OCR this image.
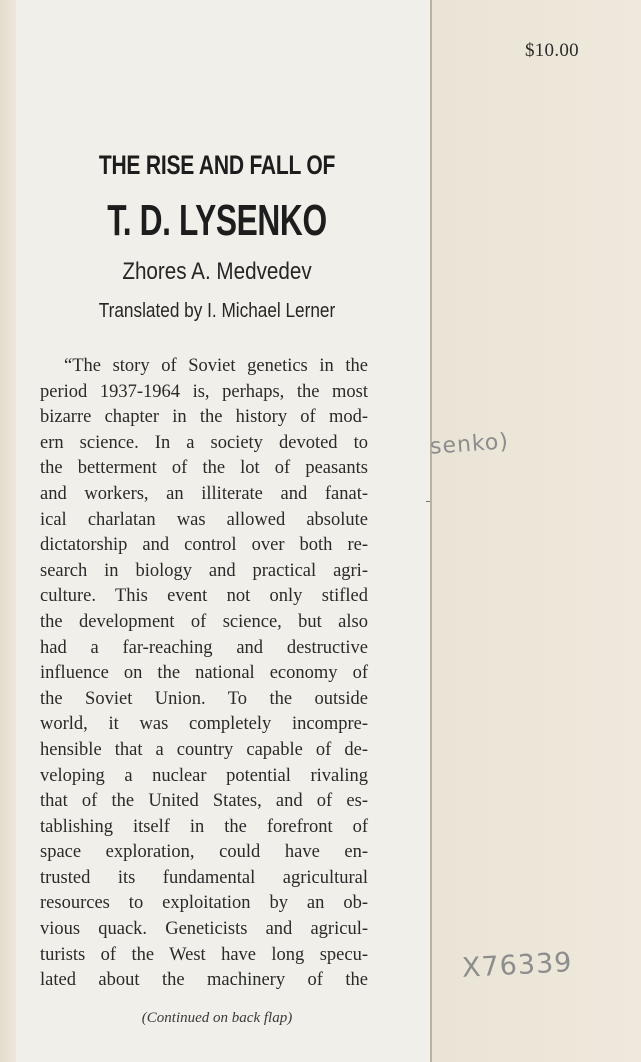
$10.00
THE RISE AND FALL OF
T. D. LYSENKO
Zhores A. Medvedev
Translated by I. Michael Lerner
“The story of Soviet genetics in the
period 1937-1964 is, perhaps, the most
bizarre chapter in the history of mod-
ern science. In a society devoted to
the betterment of the lot of peasants
and workers, an illiterate and fanat-
ical charlatan was allowed absolute
dictatorship and control over both re-
search in biology and practical agri-
culture. This event not only stifled
the development of science, but also
had a far-reaching and destructive
influence on the national economy of
the Soviet Union. To the outside
world, it was completely incompre-
hensible that a country capable of de-
veloping a nuclear potential rivaling
that of the United States, and of es-
tablishing itself in the forefront of
space exploration, could have en-
trusted its fundamental agricultural
resources to exploitation by an ob-
vious quack. Geneticists and agricul-
turists of the West have long specu-
lated about the machinery of the
(Continued on back flap)
senko)
X76339
